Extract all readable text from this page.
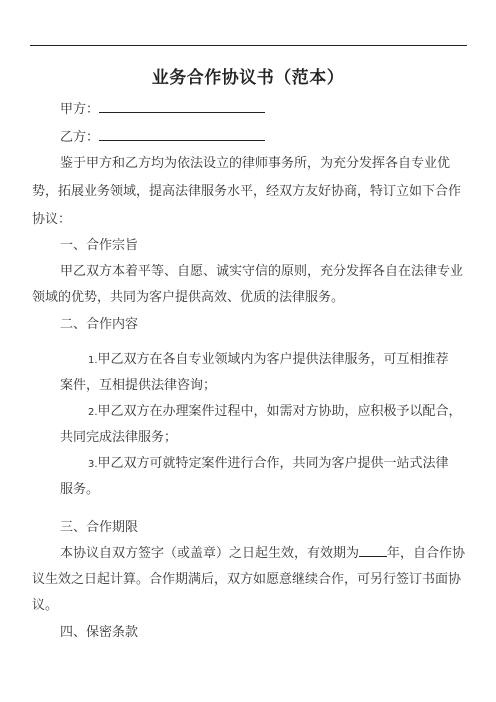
业务合作协议书（范本）
甲方：
乙方：
鉴于甲方和乙方均为依法设立的律师事务所，为充分发挥各自专业优
势，拓展业务领域，提高法律服务水平，经双方友好协商，特订立如下合作
协议：
一、合作宗旨
甲乙双方本着平等、自愿、诚实守信的原则，充分发挥各自在法律专业
领域的优势，共同为客户提供高效、优质的法律服务。
二、合作内容
1.甲乙双方在各自专业领域内为客户提供法律服务，可互相推荐
案件，互相提供法律咨询；
2.甲乙双方在办理案件过程中，如需对方协助，应积极予以配合，
共同完成法律服务；
3.甲乙双方可就特定案件进行合作，共同为客户提供一站式法律
服务。
三、合作期限
本协议自双方签字（或盖章）之日起生效，有效期为 年，自合作协
议生效之日起计算。合作期满后，双方如愿意继续合作，可另行签订书面协
议。
四、保密条款
